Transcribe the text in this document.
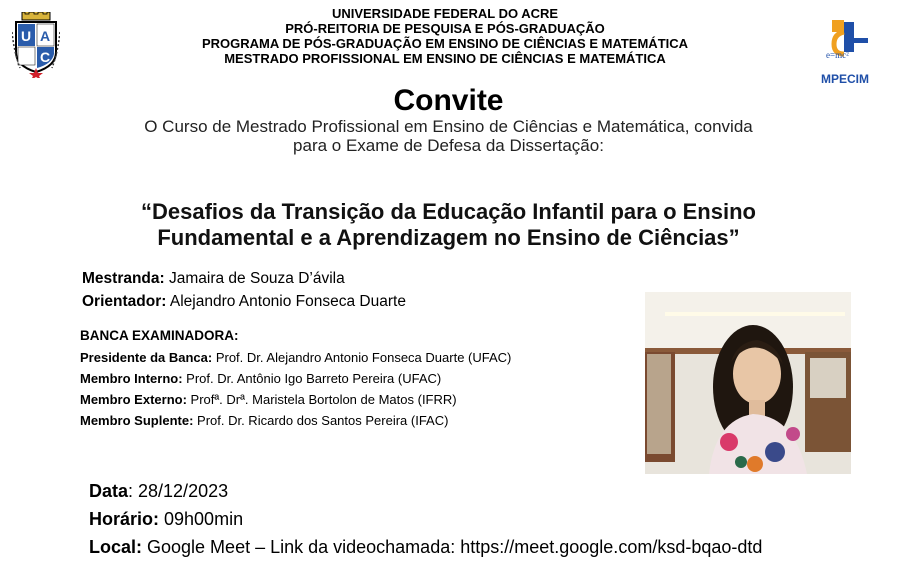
U A
C
UNIVERSIDADE FEDERAL DO ACRE
PRÓ-REITORIA DE PESQUISA E PÓS-GRADUAÇÃO
PROGRAMA DE PÓS-GRADUAÇÃO EM ENSINO DE CIÊNCIAS E MATEMÁTICA
MESTRADO PROFISSIONAL EM ENSINO DE CIÊNCIAS E MATEMÁTICA	e=mc²
MPECIM
Convite
O Curso de Mestrado Profissional em Ensino de Ciências e Matemática, convida
para o Exame de Defesa da Dissertação:
“Desafios da Transição da Educação Infantil para o Ensino
Fundamental e a Aprendizagem no Ensino de Ciências”
Mestranda: Jamaira de Souza D’ávila
Orientador: Alejandro Antonio Fonseca Duarte
BANCA EXAMINADORA:
Presidente da Banca: Prof. Dr. Alejandro Antonio Fonseca Duarte (UFAC)
Membro Interno: Prof. Dr. Antônio Igo Barreto Pereira (UFAC)
Membro Externo: Profª. Drª. Maristela Bortolon de Matos (IFRR)
Membro Suplente: Prof. Dr. Ricardo dos Santos Pereira (IFAC)
Data: 28/12/2023
Horário: 09h00min
Local: Google Meet – Link da videochamada: https://meet.google.com/ksd-bqao-dtd
